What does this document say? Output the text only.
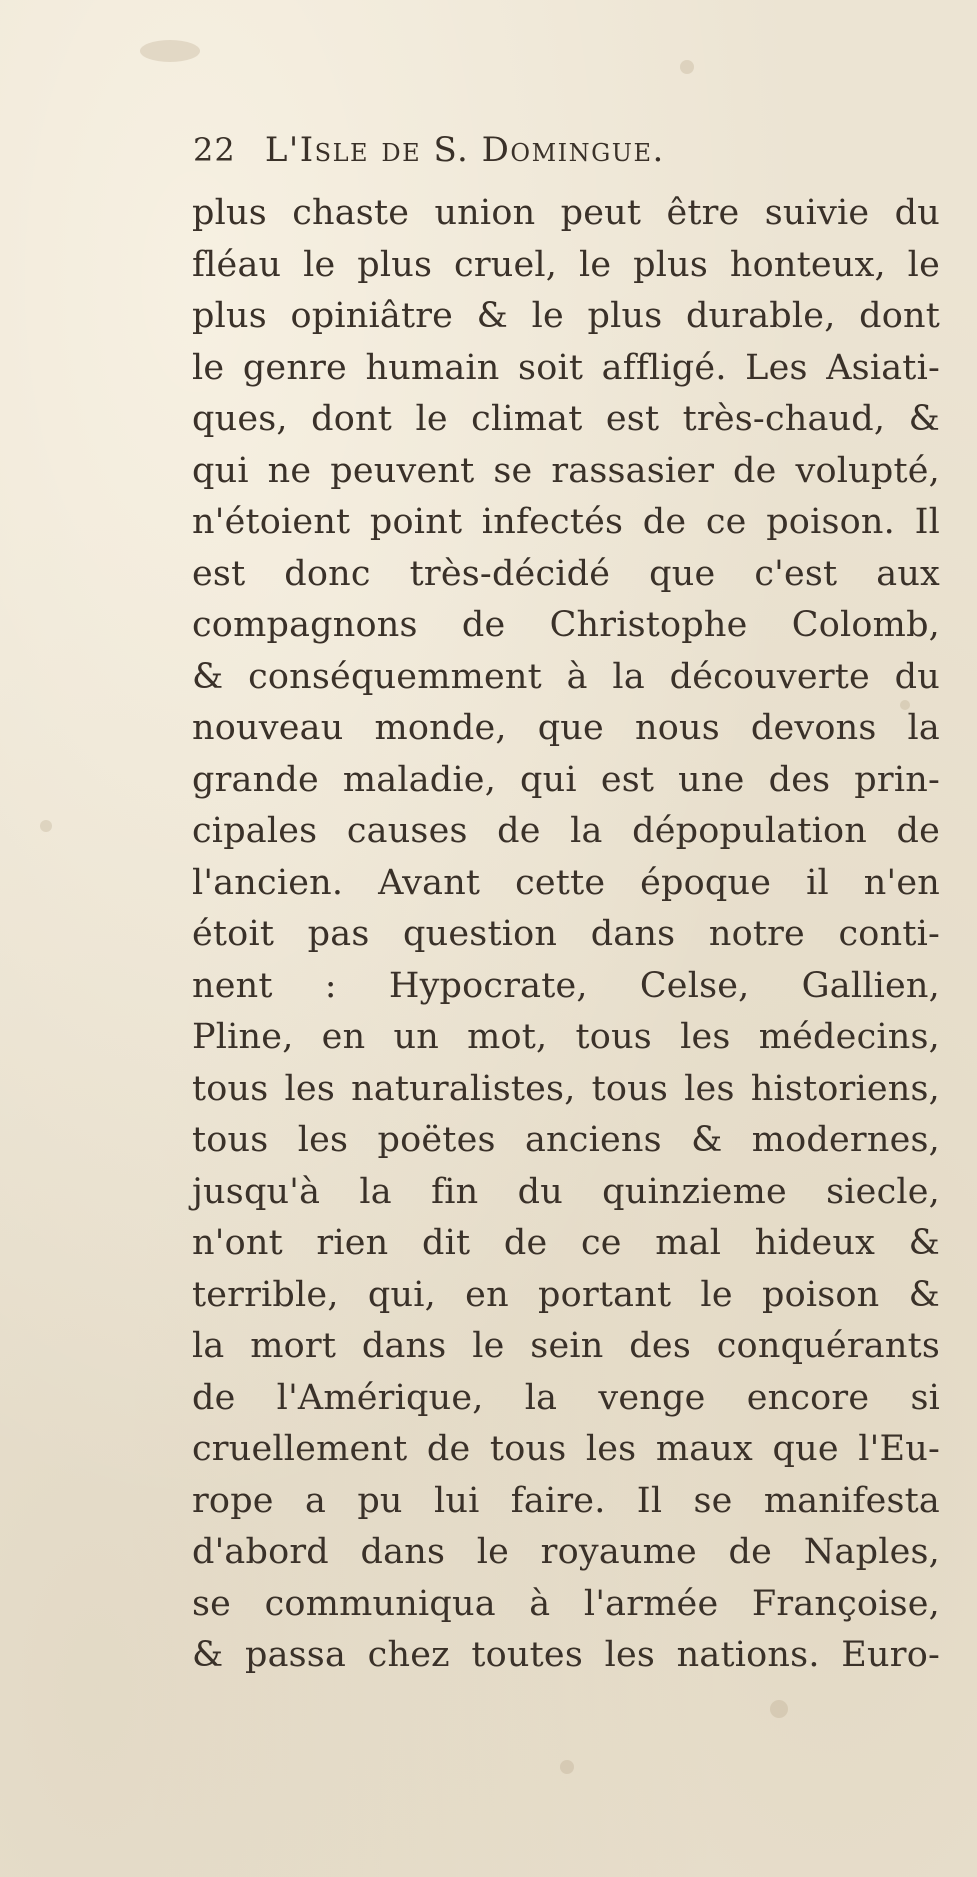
22 L'Isle de S. Domingue.
plus chaste union peut être suivie du
fléau le plus cruel, le plus honteux, le
plus opiniâtre & le plus durable, dont
le genre humain soit affligé. Les Asiati-
ques, dont le climat est très-chaud, &
qui ne peuvent se rassasier de volupté,
n'étoient point infectés de ce poison. Il
est donc très-décidé que c'est aux
compagnons de Christophe Colomb,
& conséquemment à la découverte du
nouveau monde, que nous devons la
grande maladie, qui est une des prin-
cipales causes de la dépopulation de
l'ancien. Avant cette époque il n'en
étoit pas question dans notre conti-
nent : Hypocrate, Celse, Gallien,
Pline, en un mot, tous les médecins,
tous les naturalistes, tous les historiens,
tous les poëtes anciens & modernes,
jusqu'à la fin du quinzieme siecle,
n'ont rien dit de ce mal hideux &
terrible, qui, en portant le poison &
la mort dans le sein des conquérants
de l'Amérique, la venge encore si
cruellement de tous les maux que l'Eu-
rope a pu lui faire. Il se manifesta
d'abord dans le royaume de Naples,
se communiqua à l'armée Françoise,
& passa chez toutes les nations. Euro-
